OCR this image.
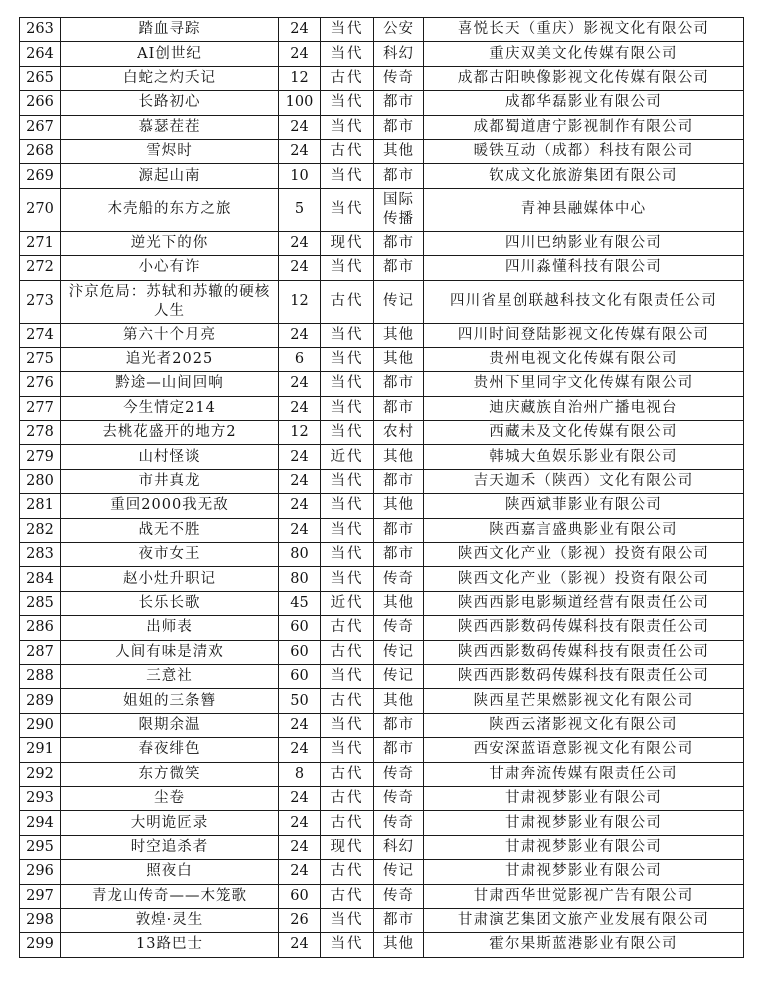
263	踏血寻踪	24	当代	公安	喜悦长天（重庆）影视文化有限公司
264	AI创世纪	24	当代	科幻	重庆双美文化传媒有限公司
265	白蛇之灼夭记	12	古代	传奇	成都古阳映像影视文化传媒有限公司
266	长路初心	100	当代	都市	成都华磊影业有限公司
267	慕瑟茬茬	24	当代	都市	成都蜀道唐宁影视制作有限公司
268	雪烬时	24	古代	其他	暖铁互动（成都）科技有限公司
269	源起山南	10	当代	都市	钦成文化旅游集团有限公司
270	木壳船的东方之旅	5	当代	国际传播	青神县融媒体中心
271	逆光下的你	24	现代	都市	四川巴纳影业有限公司
272	小心有诈	24	当代	都市	四川淼懂科技有限公司
273	汴京危局：苏轼和苏辙的硬核人生	12	古代	传记	四川省星创联越科技文化有限责任公司
274	第六十个月亮	24	当代	其他	四川时间登陆影视文化传媒有限公司
275	追光者2025	6	当代	其他	贵州电视文化传媒有限公司
276	黔途—山间回响	24	当代	都市	贵州下里同宇文化传媒有限公司
277	今生情定214	24	当代	都市	迪庆藏族自治州广播电视台
278	去桃花盛开的地方2	12	当代	农村	西藏未及文化传媒有限公司
279	山村怪谈	24	近代	其他	韩城大鱼娱乐影业有限公司
280	市井真龙	24	当代	都市	吉天迦禾（陕西）文化有限公司
281	重回2000我无敌	24	当代	其他	陕西斌菲影业有限公司
282	战无不胜	24	当代	都市	陕西嘉言盛典影业有限公司
283	夜市女王	80	当代	都市	陕西文化产业（影视）投资有限公司
284	赵小灶升职记	80	当代	传奇	陕西文化产业（影视）投资有限公司
285	长乐长歌	45	近代	其他	陕西西影电影频道经营有限责任公司
286	出师表	60	古代	传奇	陕西西影数码传媒科技有限责任公司
287	人间有味是清欢	60	古代	传记	陕西西影数码传媒科技有限责任公司
288	三意社	60	当代	传记	陕西西影数码传媒科技有限责任公司
289	姐姐的三条簪	50	古代	其他	陕西星芒果燃影视文化有限公司
290	限期余温	24	当代	都市	陕西云渚影视文化有限公司
291	春夜绯色	24	当代	都市	西安深蓝语意影视文化有限公司
292	东方微笑	8	古代	传奇	甘肃奔流传媒有限责任公司
293	尘卷	24	古代	传奇	甘肃视梦影业有限公司
294	大明诡匠录	24	古代	传奇	甘肃视梦影业有限公司
295	时空追杀者	24	现代	科幻	甘肃视梦影业有限公司
296	照夜白	24	古代	传记	甘肃视梦影业有限公司
297	青龙山传奇——木笼歌	60	古代	传奇	甘肃西华世觉影视广告有限公司
298	敦煌·灵生	26	当代	都市	甘肃演艺集团文旅产业发展有限公司
299	13路巴士	24	当代	其他	霍尔果斯蓝港影业有限公司
